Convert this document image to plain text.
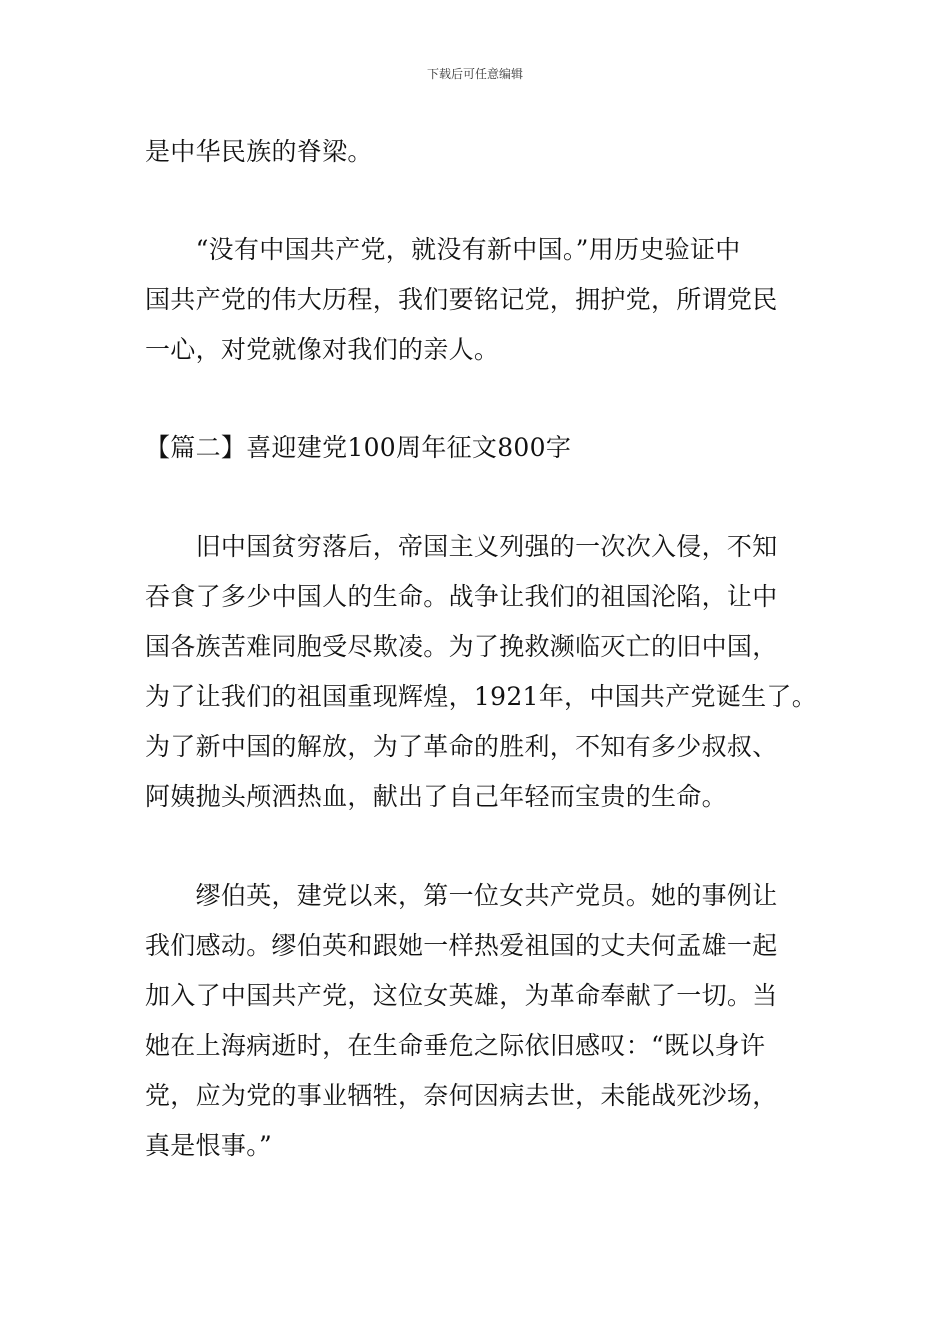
下载后可任意编辑
是中华民族的脊梁。
　　“没有中国共产党，就没有新中国。”用历史验证中
国共产党的伟大历程，我们要铭记党，拥护党，所谓党民
一心，对党就像对我们的亲人。
【篇二】喜迎建党100周年征文800字
　　旧中国贫穷落后，帝国主义列强的一次次入侵，不知
吞食了多少中国人的生命。战争让我们的祖国沦陷，让中
国各族苦难同胞受尽欺凌。为了挽救濒临灭亡的旧中国，
为了让我们的祖国重现辉煌，1921年，中国共产党诞生了。
为了新中国的解放，为了革命的胜利，不知有多少叔叔、
阿姨抛头颅洒热血，献出了自己年轻而宝贵的生命。
　　缪伯英，建党以来，第一位女共产党员。她的事例让
我们感动。缪伯英和跟她一样热爱祖国的丈夫何孟雄一起
加入了中国共产党，这位女英雄，为革命奉献了一切。当
她在上海病逝时，在生命垂危之际依旧感叹：“既以身许
党，应为党的事业牺牲，奈何因病去世，未能战死沙场，
真是恨事。”
